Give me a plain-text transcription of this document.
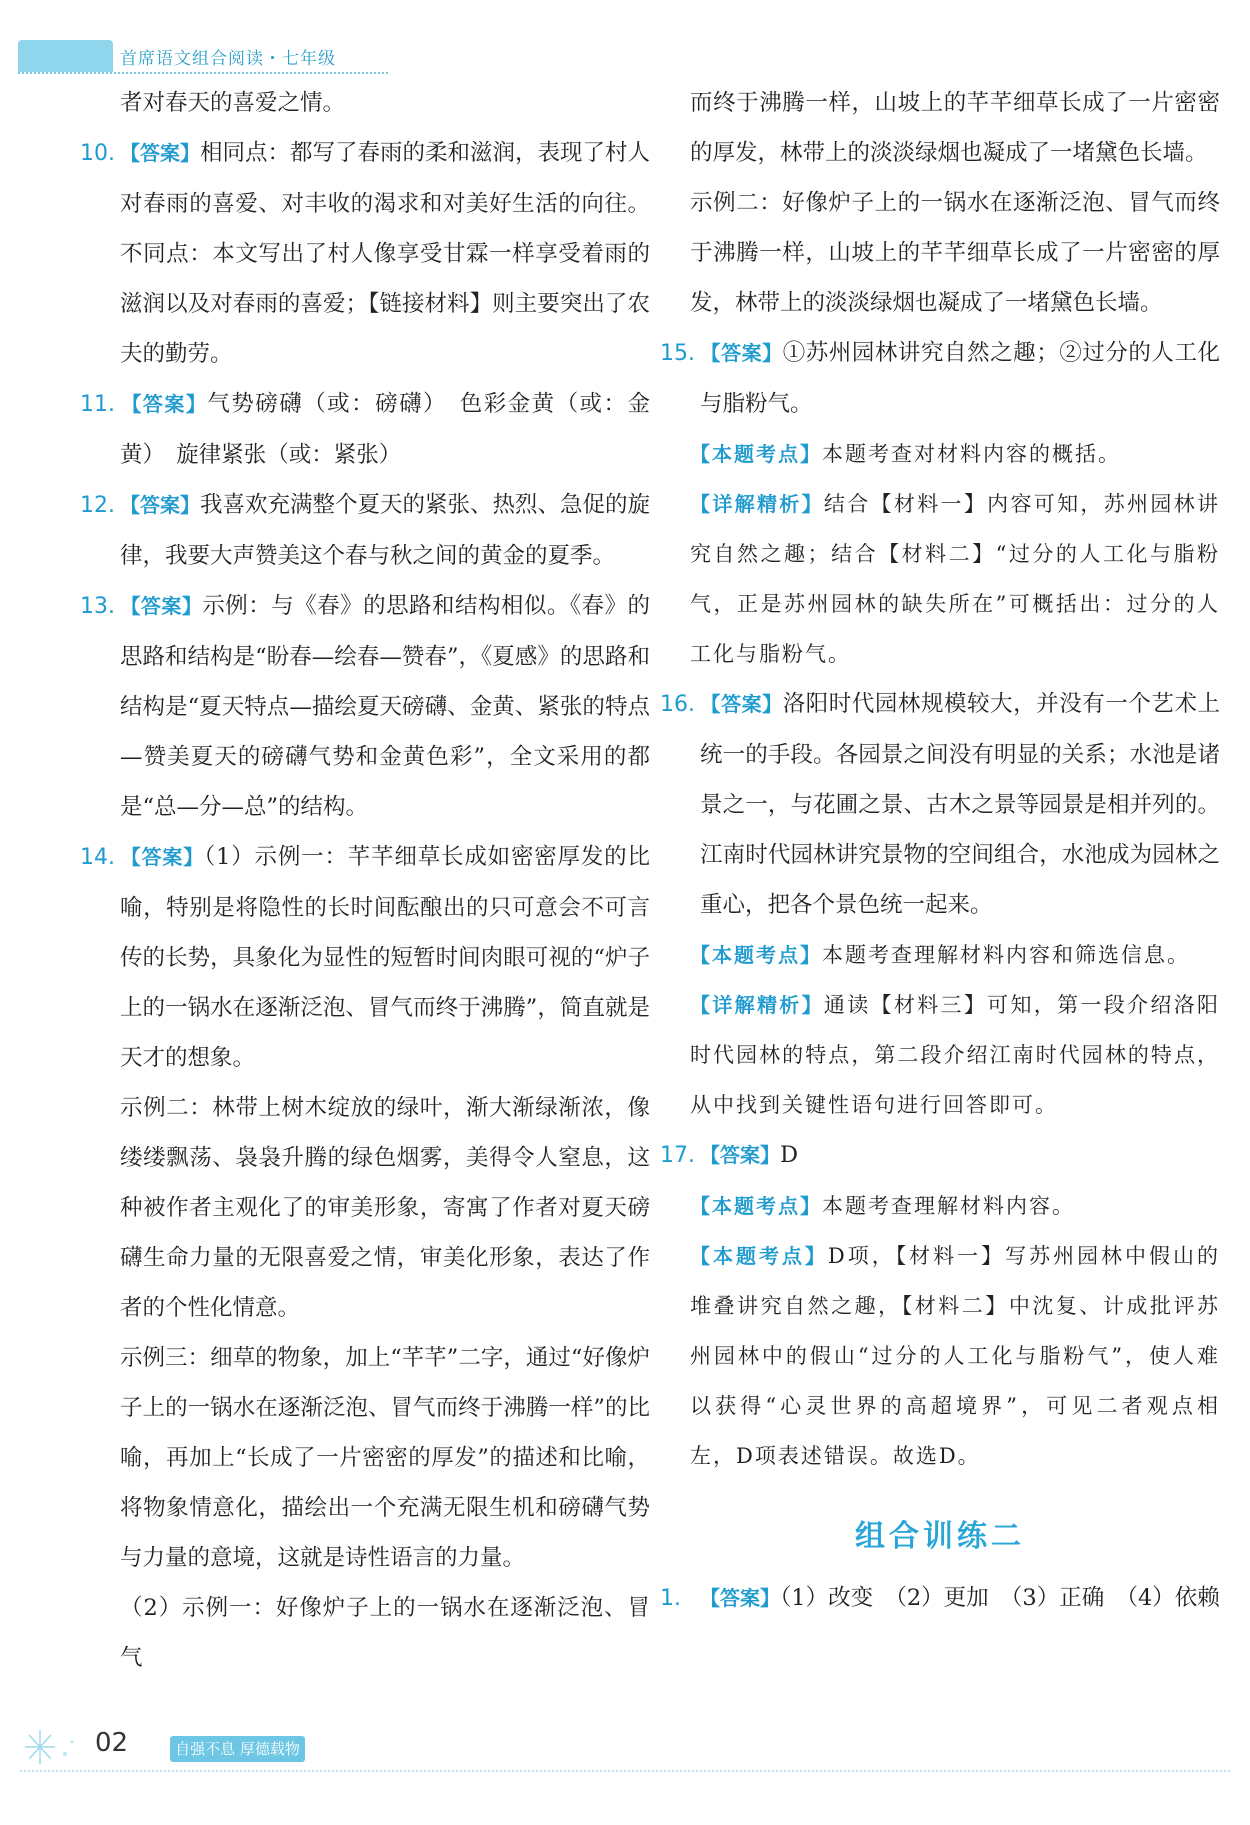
首席语文组合阅读・七年级

者对春天的喜爱之情。

10. 【答案】相同点：都写了春雨的柔和滋润，表现了村人对春雨的喜爱、对丰收的渴求和对美好生活的向往。不同点：本文写出了村人像享受甘霖一样享受着雨的滋润以及对春雨的喜爱；【链接材料】则主要突出了农夫的勤劳。

11. 【答案】气势磅礴（或：磅礴）　色彩金黄（或：金黄）　旋律紧张（或：紧张）

12. 【答案】我喜欢充满整个夏天的紧张、热烈、急促的旋律，我要大声赞美这个春与秋之间的黄金的夏季。

13. 【答案】示例：与《春》的思路和结构相似。《春》的思路和结构是“盼春—绘春—赞春”，《夏感》的思路和结构是“夏天特点—描绘夏天磅礴、金黄、紧张的特点—赞美夏天的磅礴气势和金黄色彩”，全文采用的都是“总—分—总”的结构。

14. 【答案】（1）示例一：芊芊细草长成如密密厚发的比喻，特别是将隐性的长时间酝酿出的只可意会不可言传的长势，具象化为显性的短暂时间肉眼可视的“炉子上的一锅水在逐渐泛泡、冒气而终于沸腾”，简直就是天才的想象。

示例二：林带上树木绽放的绿叶，渐大渐绿渐浓，像缕缕飘荡、袅袅升腾的绿色烟雾，美得令人窒息，这种被作者主观化了的审美形象，寄寓了作者对夏天磅礴生命力量的无限喜爱之情，审美化形象，表达了作者的个性化情意。

示例三：细草的物象，加上“芊芊”二字，通过“好像炉子上的一锅水在逐渐泛泡、冒气而终于沸腾一样”的比喻，再加上“长成了一片密密的厚发”的描述和比喻，将物象情意化，描绘出一个充满无限生机和磅礴气势与力量的意境，这就是诗性语言的力量。

（2）示例一：好像炉子上的一锅水在逐渐泛泡、冒气

而终于沸腾一样，山坡上的芊芊细草长成了一片密密的厚发，林带上的淡淡绿烟也凝成了一堵黛色长墙。

示例二：好像炉子上的一锅水在逐渐泛泡、冒气而终于沸腾一样，山坡上的芊芊细草长成了一片密密的厚发，林带上的淡淡绿烟也凝成了一堵黛色长墙。

15. 【答案】①苏州园林讲究自然之趣；②过分的人工化与脂粉气。

【本题考点】本题考查对材料内容的概括。

【详解精析】结合【材料一】内容可知，苏州园林讲究自然之趣；结合【材料二】“过分的人工化与脂粉气，正是苏州园林的缺失所在”可概括出：过分的人工化与脂粉气。

16. 【答案】洛阳时代园林规模较大，并没有一个艺术上统一的手段。各园景之间没有明显的关系；水池是诸景之一，与花圃之景、古木之景等园景是相并列的。江南时代园林讲究景物的空间组合，水池成为园林之重心，把各个景色统一起来。

【本题考点】本题考查理解材料内容和筛选信息。

【详解精析】通读【材料三】可知，第一段介绍洛阳时代园林的特点，第二段介绍江南时代园林的特点，从中找到关键性语句进行回答即可。

17. 【答案】D

【本题考点】本题考查理解材料内容。

【本题考点】D项，【材料一】写苏州园林中假山的堆叠讲究自然之趣，【材料二】中沈复、计成批评苏州园林中的假山“过分的人工化与脂粉气”，使人难以获得“心灵世界的高超境界”，可见二者观点相左，D项表述错误。故选D。

组合训练二

1. 【答案】（1）改变　（2）更加　（3）正确　（4）依赖

02	自强不息 厚德载物
